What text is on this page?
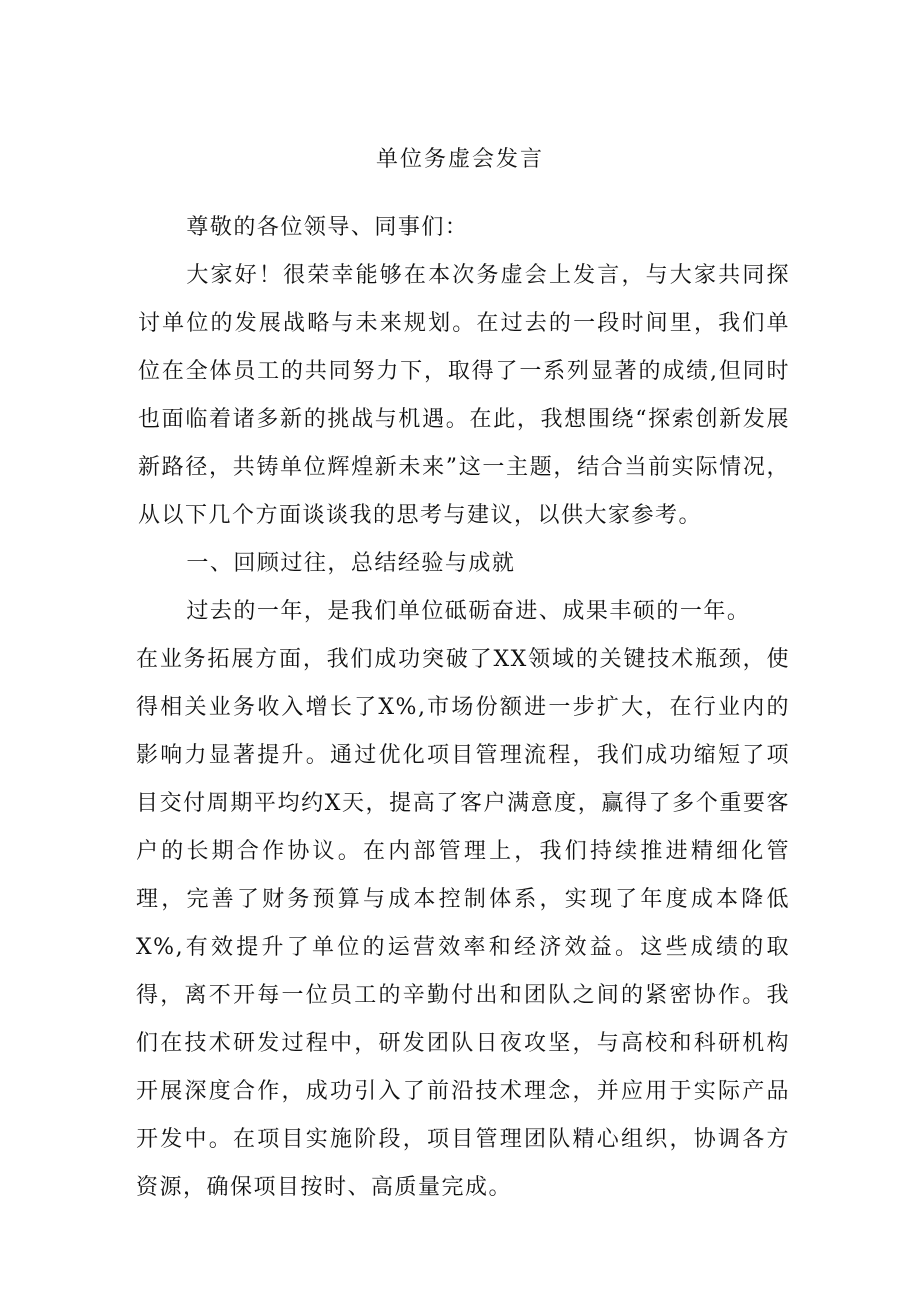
单位务虚会发言

尊敬的各位领导、同事们：

大家好！很荣幸能够在本次务虚会上发言，与大家共同探讨单位的发展战略与未来规划。在过去的一段时间里，我们单位在全体员工的共同努力下，取得了一系列显著的成绩,但同时也面临着诸多新的挑战与机遇。在此，我想围绕“探索创新发展新路径，共铸单位辉煌新未来”这一主题，结合当前实际情况，从以下几个方面谈谈我的思考与建议，以供大家参考。

一、回顾过往，总结经验与成就

过去的一年，是我们单位砥砺奋进、成果丰硕的一年。

在业务拓展方面，我们成功突破了XX领域的关键技术瓶颈，使得相关业务收入增长了X%,市场份额进一步扩大，在行业内的影响力显著提升。通过优化项目管理流程，我们成功缩短了项目交付周期平均约X天，提高了客户满意度，赢得了多个重要客户的长期合作协议。在内部管理上，我们持续推进精细化管理，完善了财务预算与成本控制体系，实现了年度成本降低X%,有效提升了单位的运营效率和经济效益。这些成绩的取得，离不开每一位员工的辛勤付出和团队之间的紧密协作。我们在技术研发过程中，研发团队日夜攻坚，与高校和科研机构开展深度合作，成功引入了前沿技术理念，并应用于实际产品开发中。在项目实施阶段，项目管理团队精心组织，协调各方资源，确保项目按时、高质量完成。
